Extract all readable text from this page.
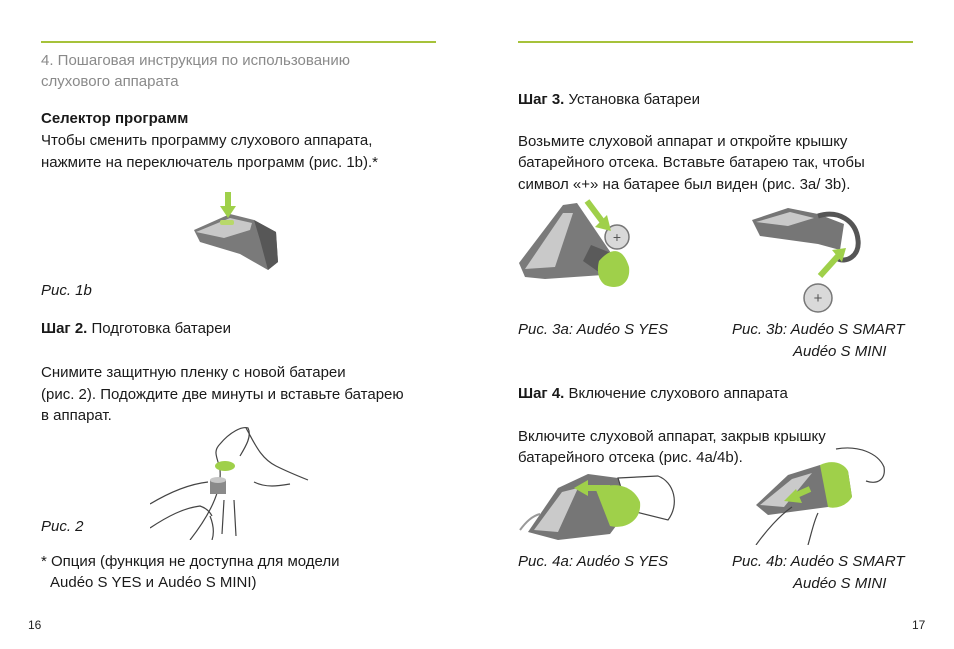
4. Пошаговая инструкция по использованию
слухового аппарата
Селектор программ
Чтобы сменить программу слухового аппарата,
нажмите на переключатель программ (рис. 1b).*
Рис. 1b
Шаг 2. Подготовка батареи
Снимите защитную пленку с новой батареи
(рис. 2). Подождите две минуты и вставьте батарею
в аппарат.
Рис. 2
* Опция (функция не доступна для модели
Audéo S YES и Audéo S MINI)
16
Шаг 3. Установка батареи
Возьмите слуховой аппарат и откройте крышку
батарейного отсека. Вставьте батарею так, чтобы
символ «+» на батарее был виден (рис. 3a/ 3b).
+
+
Рис. 3a: Audéo S YES	Рис. 3b: Audéo S SMART
Audéo S MINI
Шаг 4. Включение слухового аппарата
Включите слуховой аппарат, закрыв крышку
батарейного отсека (рис. 4a/4b).
Рис. 4a: Audéo S YES	Рис. 4b: Audéo S SMART
Audéo S MINI
17
